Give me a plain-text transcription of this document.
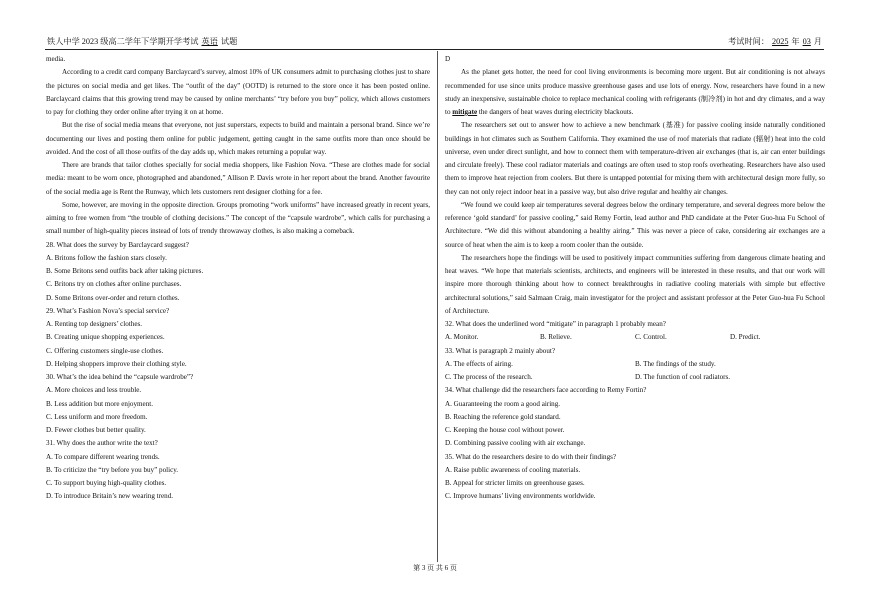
铁人中学 2023 级高二学年下学期开学考试 英语 试题	考试时间： 2025 年 03 月

media.

According to a credit card company Barclaycard’s survey, almost 10% of UK consumers admit to purchasing clothes just to share the pictures on social media and get likes. The “outfit of the day” (OOTD) is returned to the store once it has been posted online. Barclaycard claims that this growing trend may be caused by online merchants’ “try before you buy” policy, which allows customers to pay for clothing they order online after trying it on at home.

But the rise of social media means that everyone, not just superstars, expects to build and maintain a personal brand. Since we’re documenting our lives and posting them online for public judgement, getting caught in the same outfits more than once should be avoided. And the cost of all those outfits of the day adds up, which makes returning a popular way.

There are brands that tailor clothes specially for social media shoppers, like Fashion Nova. “These are clothes made for social media: meant to be worn once, photographed and abandoned,” Allison P. Davis wrote in her report about the brand. Another favourite of the social media age is Rent the Runway, which lets customers rent designer clothing for a fee.

Some, however, are moving in the opposite direction. Groups promoting “work uniforms” have increased greatly in recent years, aiming to free women from “the trouble of clothing decisions.” The concept of the “capsule wardrobe”, which calls for purchasing a small number of high-quality pieces instead of lots of trendy throwaway clothes, is also making a comeback.

28. What does the survey by Barclaycard suggest?

A. Britons follow the fashion stars closely.

B. Some Britons send outfits back after taking pictures.

C. Britons try on clothes after online purchases.

D. Some Britons over-order and return clothes.

29. What’s Fashion Nova’s special service?

A. Renting top designers’ clothes.

B. Creating unique shopping experiences.

C. Offering customers single-use clothes.

D. Helping shoppers improve their clothing style.

30. What’s the idea behind the “capsule wardrobe”?

A. More choices and less trouble.

B. Less addition but more enjoyment.

C. Less uniform and more freedom.

D. Fewer clothes but better quality.

31. Why does the author write the text?

A. To compare different wearing trends.

B. To criticize the “try before you buy” policy.

C. To support buying high-quality clothes.

D. To introduce Britain’s new wearing trend.

D

As the planet gets hotter, the need for cool living environments is becoming more urgent. But air conditioning is not always recommended for use since units produce massive greenhouse gases and use lots of energy. Now, researchers have found in a new study an inexpensive, sustainable choice to replace mechanical cooling with refrigerants (制冷剂) in hot and dry climates, and a way to mitigate the dangers of heat waves during electricity blackouts.

The researchers set out to answer how to achieve a new benchmark (基准) for passive cooling inside naturally conditioned buildings in hot climates such as Southern California. They examined the use of roof materials that radiate (辐射) heat into the cold universe, even under direct sunlight, and how to connect them with temperature-driven air exchanges (that is, air can enter buildings and circulate freely). These cool radiator materials and coatings are often used to stop roofs overheating. Researchers have also used them to improve heat rejection from coolers. But there is untapped potential for mixing them with architectural design more fully, so they can not only reject indoor heat in a passive way, but also drive regular and healthy air changes.

“We found we could keep air temperatures several degrees below the ordinary temperature, and several degrees more below the reference ‘gold standard’ for passive cooling,” said Remy Fortin, lead author and PhD candidate at the Peter Guo-hua Fu School of Architecture. “We did this without abandoning a healthy airing.” This was never a piece of cake, considering air exchanges are a source of heat when the aim is to keep a room cooler than the outside.

The researchers hope the findings will be used to positively impact communities suffering from dangerous climate heating and heat waves. “We hope that materials scientists, architects, and engineers will be interested in these results, and that our work will inspire more thorough thinking about how to connect breakthroughs in radiative cooling materials with simple but effective architectural solutions,” said Salmaan Craig, main investigator for the project and assistant professor at the Peter Guo-hua Fu School of Architecture.

32. What does the underlined word “mitigate” in paragraph 1 probably mean?

A. Monitor.	B. Relieve.	C. Control.	D. Predict.

33. What is paragraph 2 mainly about?

A. The effects of airing.	B. The findings of the study.
C. The process of the research.	D. The function of cool radiators.

34. What challenge did the researchers face according to Remy Fortin?

A. Guaranteeing the room a good airing.

B. Reaching the reference gold standard.

C. Keeping the house cool without power.

D. Combining passive cooling with air exchange.

35. What do the researchers desire to do with their findings?

A. Raise public awareness of cooling materials.

B. Appeal for stricter limits on greenhouse gases.

C. Improve humans’ living environments worldwide.

第 3 页 共 6 页
